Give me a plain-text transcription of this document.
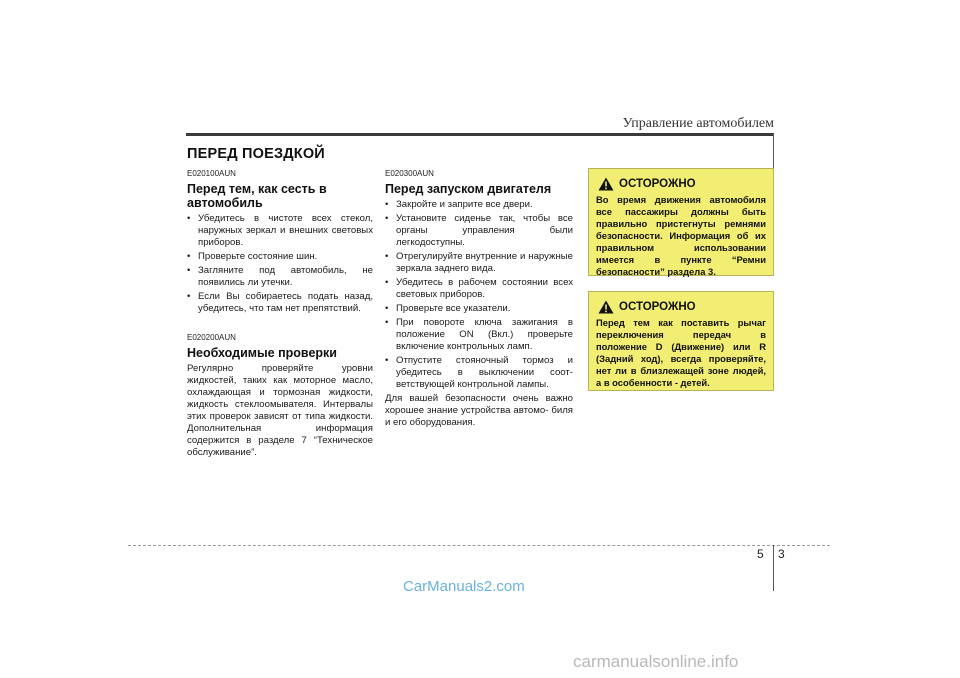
Управление автомобилем
ПЕРЕД ПОЕЗДКОЙ
E020100AUN
Перед тем, как сесть в автомобиль
• Убедитесь в чистоте всех стекол, наружных зеркал и внешних световых приборов.
• Проверьте состояние шин.
• Загляните под автомобиль, не появились ли утечки.
• Если Вы собираетесь подать назад, убедитесь, что там нет препятствий.
E020200AUN
Необходимые проверки

Регулярно проверяйте уровни жидкостей, таких как моторное масло, охлаждающая и тормозная жидкости, жидкость стеклоомывателя. Интервалы этих проверок зависят от типа жидкости. Дополнительная информация содержится в разделе 7 “Техническое обслуживание”.

E020300AUN
Перед запуском двигателя
• Закройте и заприте все двери.
• Установите сиденье так, чтобы все органы управления были легкодоступны.
• Отрегулируйте внутренние и наружные зеркала заднего вида.
• Убедитесь в рабочем состоянии всех световых приборов.
• Проверьте все указатели.
• При повороте ключа зажигания в положение ON (Вкл.) проверьте включение контрольных ламп.
• Отпустите стояночный тормоз и убедитесь в выключении соот- ветствующей контрольной лампы.

Для вашей безопасности очень важно хорошее знание устройства автомо- биля и его оборудования.

ОСТОРОЖНО
Во время движения автомобиля все пассажиры должны быть правильно пристегнуты ремнями безопасности. Информация об их правильном использовании имеется в пункте “Ремни безопасности” раздела 3.
ОСТОРОЖНО
Перед тем как поставить рычаг переключения передач в положение D (Движение) или R (Задний ход), всегда проверяйте, нет ли в близлежащей зоне людей, а в особенности - детей.
5 3
CarManuals2.com
carmanualsonline.info
